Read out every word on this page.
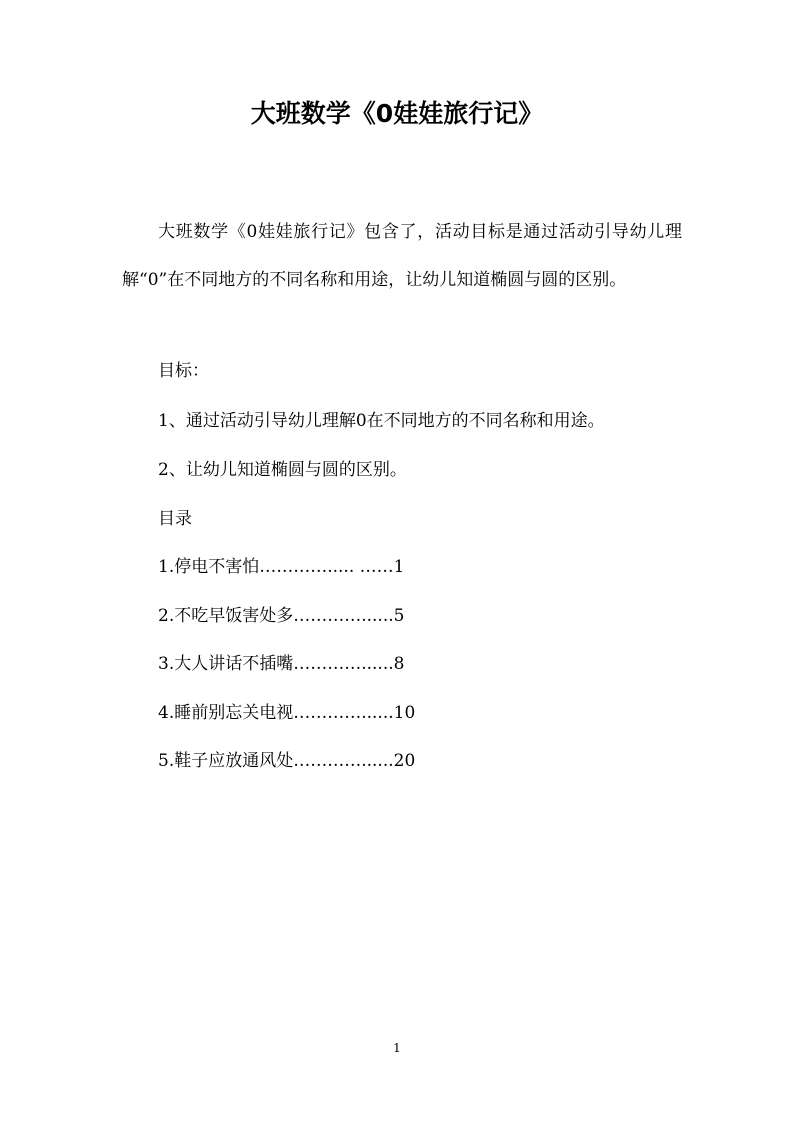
大班数学《0娃娃旅行记》

大班数学《0娃娃旅行记》包含了，活动目标是通过活动引导幼儿理解“0”在不同地方的不同名称和用途，让幼儿知道椭圆与圆的区别。

目标：

1、通过活动引导幼儿理解0在不同地方的不同名称和用途。

2、让幼儿知道椭圆与圆的区别。

目录

1.停电不害怕…………..... ……1

2.不吃早饭害处多…………......5

3.大人讲话不插嘴…………......8

4.睡前别忘关电视…………......10

5.鞋子应放通风处…………......20

1
